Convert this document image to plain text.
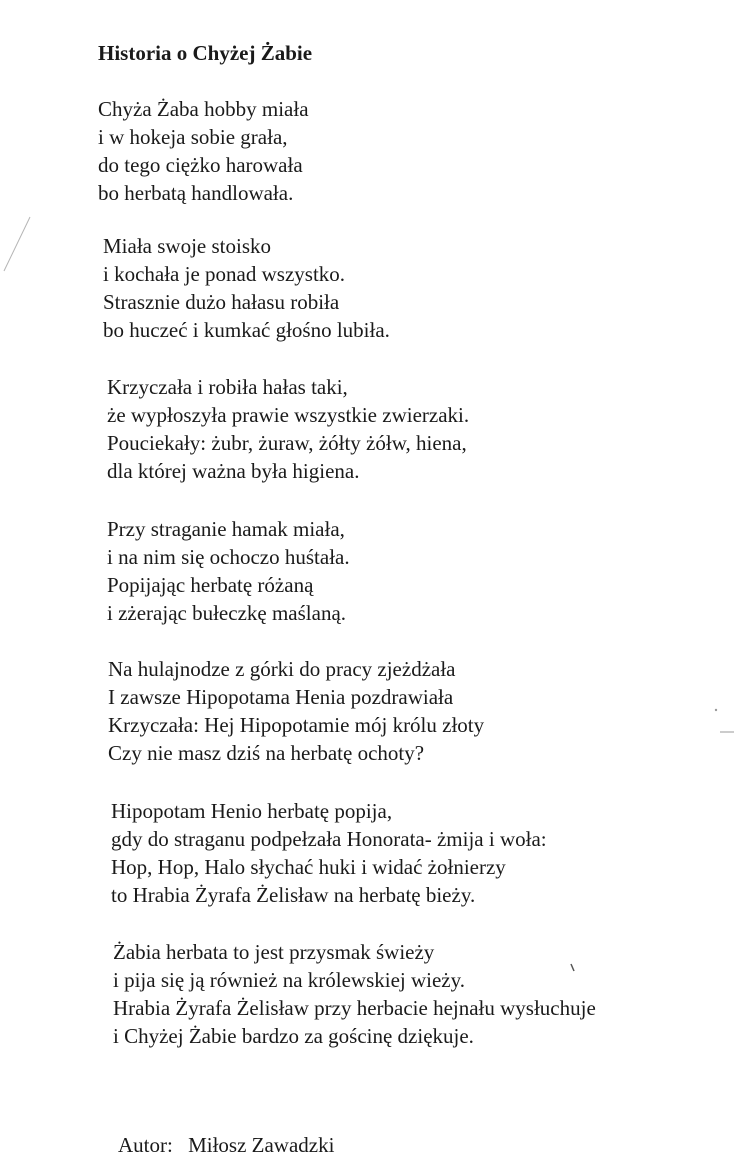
Historia o Chyżej Żabie
Chyża Żaba hobby miała
i w hokeja sobie grała,
do tego ciężko harowała
bo herbatą handlowała.
Miała swoje stoisko
i kochała je ponad wszystko.
Strasznie dużo hałasu robiła
bo huczeć i kumkać głośno lubiła.
Krzyczała i robiła hałas taki,
że wypłoszyła prawie wszystkie zwierzaki.
Pouciekały: żubr, żuraw, żółty żółw, hiena,
dla której ważna była higiena.
Przy straganie hamak miała,
i na nim się ochoczo huśtała.
Popijając herbatę różaną
i zżerając bułeczkę maślaną.
Na hulajnodze z górki do pracy zjeżdżała
I zawsze Hipopotama Henia pozdrawiała
Krzyczała: Hej Hipopotamie mój królu złoty
Czy nie masz dziś na herbatę ochoty?
Hipopotam Henio herbatę popija,
gdy do straganu podpełzała Honorata- żmija i woła:
Hop, Hop, Halo słychać huki i widać żołnierzy
to Hrabia Żyrafa Żelisław na herbatę bieży.
Żabia herbata to jest przysmak świeży
i pija się ją również na królewskiej wieży.
Hrabia Żyrafa Żelisław przy herbacie hejnału wysłuchuje
i Chyżej Żabie bardzo za gościnę dziękuje.
Autor: Miłosz Zawadzki
